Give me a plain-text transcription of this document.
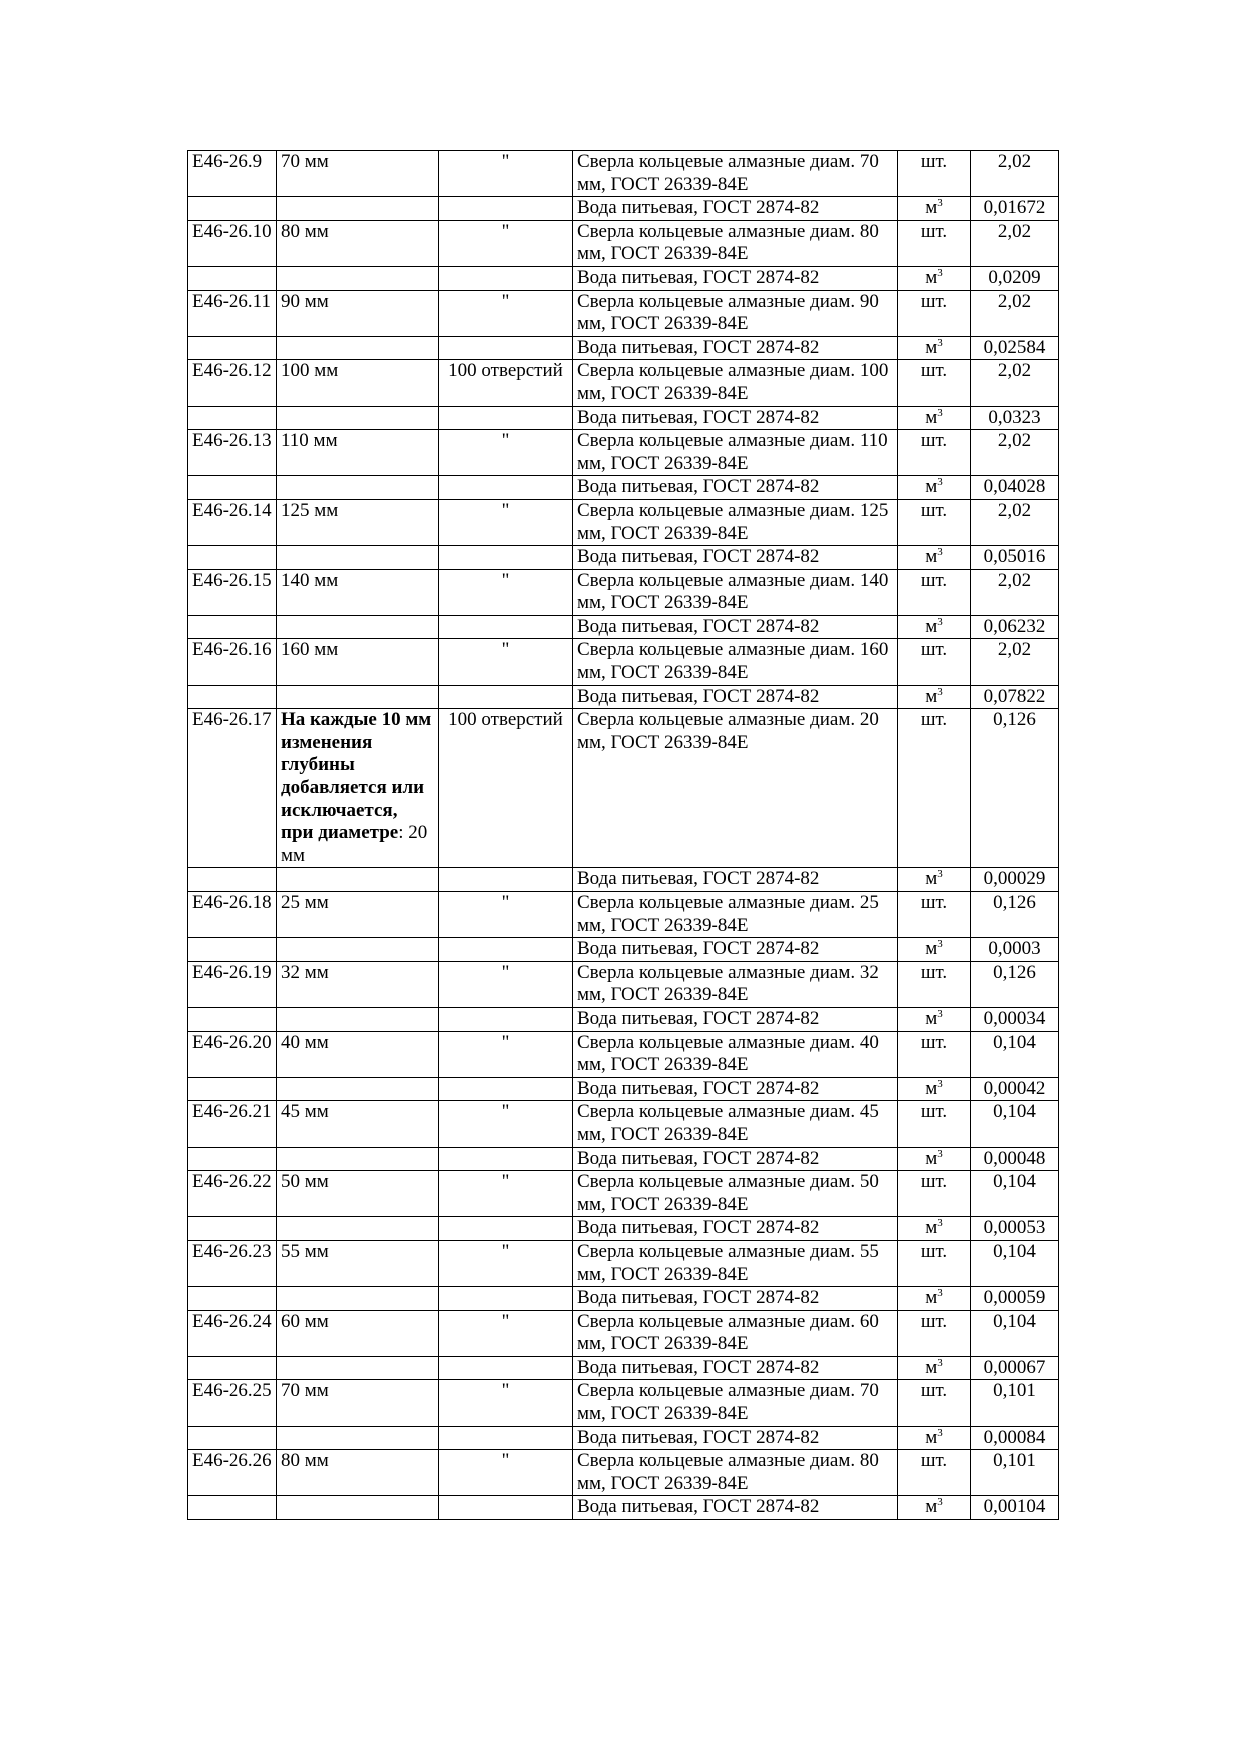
Е46-26.9	70 мм	"	Сверла кольцевые алмазные диам. 70 мм, ГОСТ 26339-84Е	шт.	2,02
			Вода питьевая, ГОСТ 2874-82	$м^3$	0,01672
Е46-26.10	80 мм	"	Сверла кольцевые алмазные диам. 80 мм, ГОСТ 26339-84Е	шт.	2,02
			Вода питьевая, ГОСТ 2874-82	$м^3$	0,0209
Е46-26.11	90 мм	"	Сверла кольцевые алмазные диам. 90 мм, ГОСТ 26339-84Е	шт.	2,02
			Вода питьевая, ГОСТ 2874-82	$м^3$	0,02584
Е46-26.12	100 мм	100 отверстий	Сверла кольцевые алмазные диам. 100 мм, ГОСТ 26339-84Е	шт.	2,02
			Вода питьевая, ГОСТ 2874-82	$м^3$	0,0323
Е46-26.13	110 мм	"	Сверла кольцевые алмазные диам. 110 мм, ГОСТ 26339-84Е	шт.	2,02
			Вода питьевая, ГОСТ 2874-82	$м^3$	0,04028
Е46-26.14	125 мм	"	Сверла кольцевые алмазные диам. 125 мм, ГОСТ 26339-84Е	шт.	2,02
			Вода питьевая, ГОСТ 2874-82	$м^3$	0,05016
Е46-26.15	140 мм	"	Сверла кольцевые алмазные диам. 140 мм, ГОСТ 26339-84Е	шт.	2,02
			Вода питьевая, ГОСТ 2874-82	$м^3$	0,06232
Е46-26.16	160 мм	"	Сверла кольцевые алмазные диам. 160 мм, ГОСТ 26339-84Е	шт.	2,02
			Вода питьевая, ГОСТ 2874-82	$м^3$	0,07822
Е46-26.17	На каждые 10 мм изменения глубины добавляется или исключается, при диаметре: 20 мм	100 отверстий	Сверла кольцевые алмазные диам. 20 мм, ГОСТ 26339-84Е	шт.	0,126
			Вода питьевая, ГОСТ 2874-82	$м^3$	0,00029
Е46-26.18	25 мм	"	Сверла кольцевые алмазные диам. 25 мм, ГОСТ 26339-84Е	шт.	0,126
			Вода питьевая, ГОСТ 2874-82	$м^3$	0,0003
Е46-26.19	32 мм	"	Сверла кольцевые алмазные диам. 32 мм, ГОСТ 26339-84Е	шт.	0,126
			Вода питьевая, ГОСТ 2874-82	$м^3$	0,00034
Е46-26.20	40 мм	"	Сверла кольцевые алмазные диам. 40 мм, ГОСТ 26339-84Е	шт.	0,104
			Вода питьевая, ГОСТ 2874-82	$м^3$	0,00042
Е46-26.21	45 мм	"	Сверла кольцевые алмазные диам. 45 мм, ГОСТ 26339-84Е	шт.	0,104
			Вода питьевая, ГОСТ 2874-82	$м^3$	0,00048
Е46-26.22	50 мм	"	Сверла кольцевые алмазные диам. 50 мм, ГОСТ 26339-84Е	шт.	0,104
			Вода питьевая, ГОСТ 2874-82	$м^3$	0,00053
Е46-26.23	55 мм	"	Сверла кольцевые алмазные диам. 55 мм, ГОСТ 26339-84Е	шт.	0,104
			Вода питьевая, ГОСТ 2874-82	$м^3$	0,00059
Е46-26.24	60 мм	"	Сверла кольцевые алмазные диам. 60 мм, ГОСТ 26339-84Е	шт.	0,104
			Вода питьевая, ГОСТ 2874-82	$м^3$	0,00067
Е46-26.25	70 мм	"	Сверла кольцевые алмазные диам. 70 мм, ГОСТ 26339-84Е	шт.	0,101
			Вода питьевая, ГОСТ 2874-82	$м^3$	0,00084
Е46-26.26	80 мм	"	Сверла кольцевые алмазные диам. 80 мм, ГОСТ 26339-84Е	шт.	0,101
			Вода питьевая, ГОСТ 2874-82	$м^3$	0,00104
